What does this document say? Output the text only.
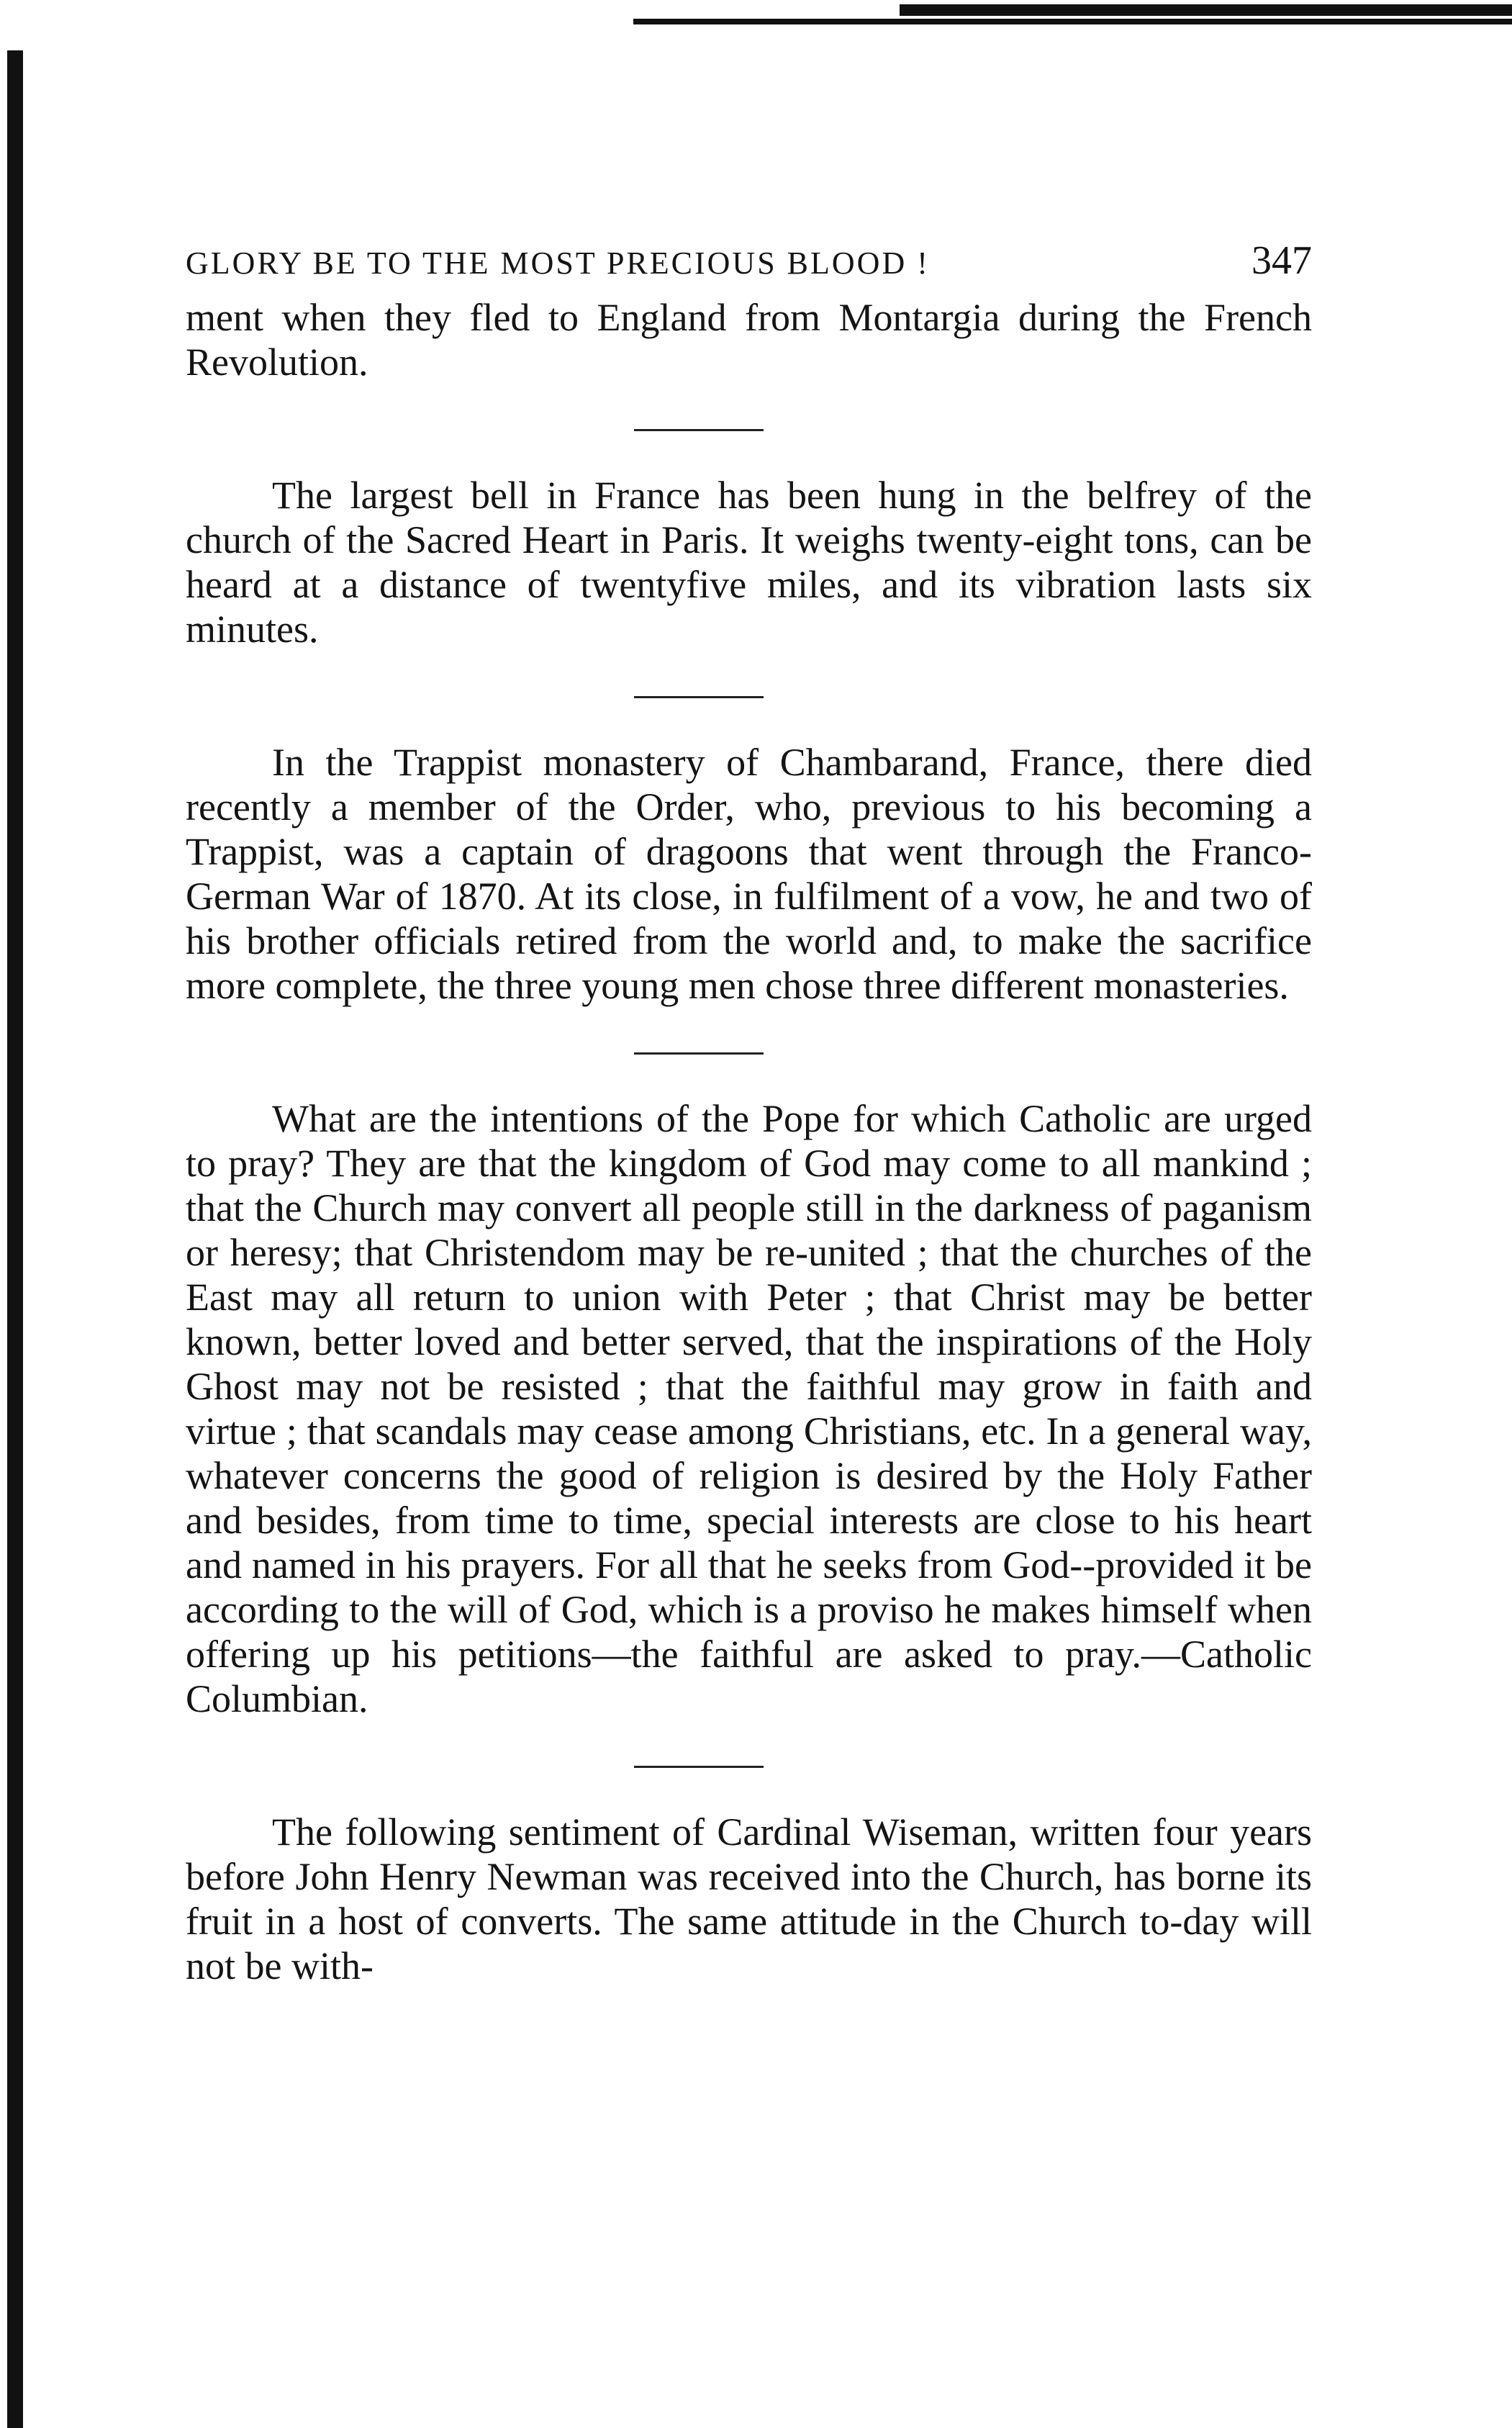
GLORY BE TO THE MOST PRECIOUS BLOOD !	347

ment when they fled to England from Montargia during the French Revolution.

The largest bell in France has been hung in the belfrey of the church of the Sacred Heart in Paris. It weighs twenty-eight tons, can be heard at a distance of twentyfive miles, and its vibration lasts six minutes.

In the Trappist monastery of Chambarand, France, there died recently a member of the Order, who, previous to his becoming a Trappist, was a captain of dragoons that went through the Franco-German War of 1870. At its close, in fulfilment of a vow, he and two of his brother officials retired from the world and, to make the sacrifice more complete, the three young men chose three different monasteries.

What are the intentions of the Pope for which Catholic are urged to pray? They are that the kingdom of God may come to all mankind ; that the Church may convert all people still in the darkness of paganism or heresy; that Christendom may be re-united ; that the churches of the East may all return to union with Peter ; that Christ may be better known, better loved and better served, that the inspirations of the Holy Ghost may not be resisted ; that the faithful may grow in faith and virtue ; that scandals may cease among Christians, etc. In a general way, whatever concerns the good of religion is desired by the Holy Father and besides, from time to time, special interests are close to his heart and named in his prayers. For all that he seeks from God--provided it be according to the will of God, which is a proviso he makes himself when offering up his petitions—the faithful are asked to pray.—Catholic Columbian.

The following sentiment of Cardinal Wiseman, written four years before John Henry Newman was received into the Church, has borne its fruit in a host of converts. The same attitude in the Church to-day will not be with-
